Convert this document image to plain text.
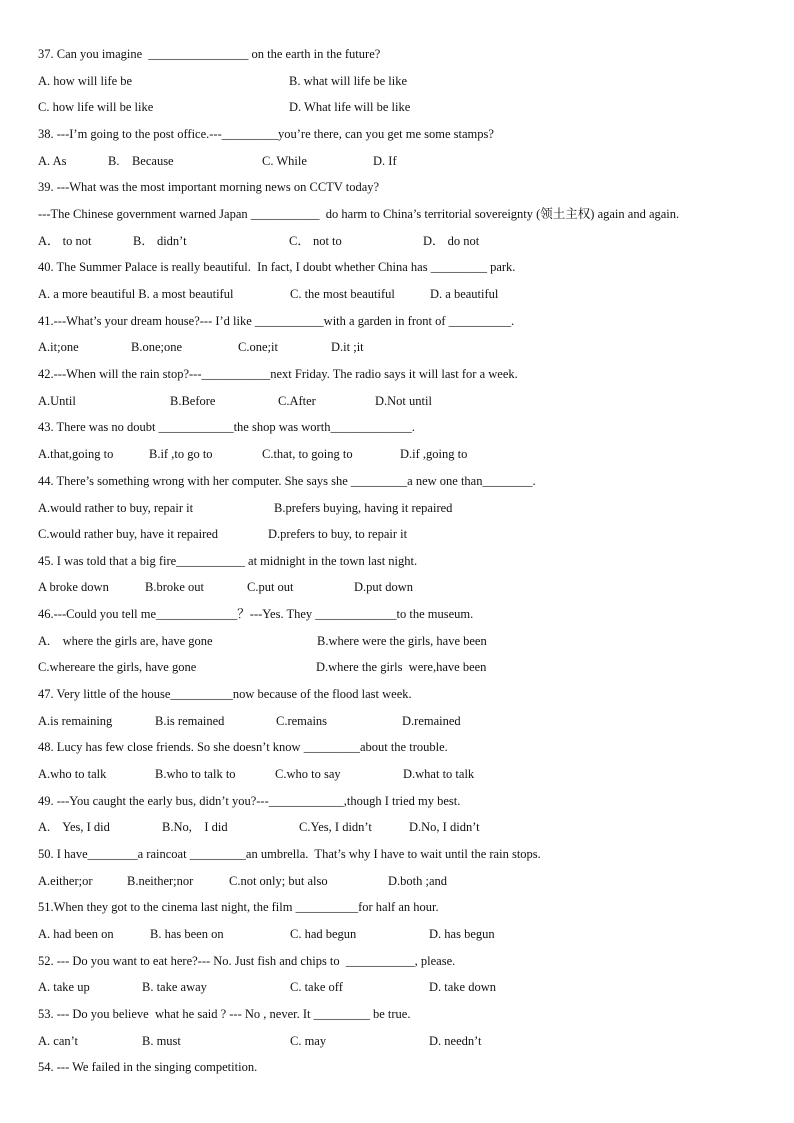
37. Can you imagine  ________________ on the earth in the future?
A. how will life be	B. what will life be like
C. how life will be like	D. What life will be like
38. ---I’m going to the post office.---_________you’re there, can you get me some stamps?
A. As	B.    Because	C. While	D. If
39. ---What was the most important morning news on CCTV today?
---The Chinese government warned Japan ___________  do harm to China’s territorial sovereignty (领土主权) again and again.
A． to not	B． didn’t	C． not to	D． do not
40. The Summer Palace is really beautiful.  In fact, I doubt whether China has _________ park.
A. a more beautiful B. a most beautiful	C. the most beautiful	D. a beautiful
41.---What’s your dream house?--- I’d like ___________with a garden in front of __________.
A.it;one	B.one;one	C.one;it	D.it ;it
42.---When will the rain stop?---___________next Friday. The radio says it will last for a week.
A.Until	B.Before	C.After	D.Not until
43. There was no doubt ____________the shop was worth_____________.
A.that,going to	B.if ,to go to	C.that, to going to	D.if ,going to
44. There’s something wrong with her computer. She says she _________a new one than________.
A.would rather to buy, repair it	B.prefers buying, having it repaired
C.would rather buy, have it repaired	D.prefers to buy, to repair it
45. I was told that a big fire___________ at midnight in the town last night.
A broke down	B.broke out	C.put out	D.put down
46.---Could you tell me_____________？---Yes. They _____________to the museum.
A.    where the girls are, have gone	B.where were the girls, have been
C.whereare the girls, have gone	D.where the girls  were,have been
47. Very little of the house__________now because of the flood last week.
A.is remaining	B.is remained	C.remains	D.remained
48. Lucy has few close friends. So she doesn’t know _________about the trouble.
A.who to talk	B.who to talk to	C.who to say	D.what to talk
49. ---You caught the early bus, didn’t you?---____________,though I tried my best.
A.    Yes, I did	B.No,    I did	C.Yes, I didn’t	D.No, I didn’t
50. I have________a raincoat _________an umbrella.  That’s why I have to wait until the rain stops.
A.either;or	B.neither;nor	C.not only; but also	D.both ;and
51.When they got to the cinema last night, the film __________for half an hour.
A. had been on	B. has been on	C. had begun	D. has begun
52. --- Do you want to eat here?--- No. Just fish and chips to  ___________, please.
A. take up	B. take away	C. take off	D. take down
53. --- Do you believe  what he said ? --- No , never. It _________ be true.
A. can’t	B. must	C. may	D. needn’t
54. --- We failed in the singing competition.
